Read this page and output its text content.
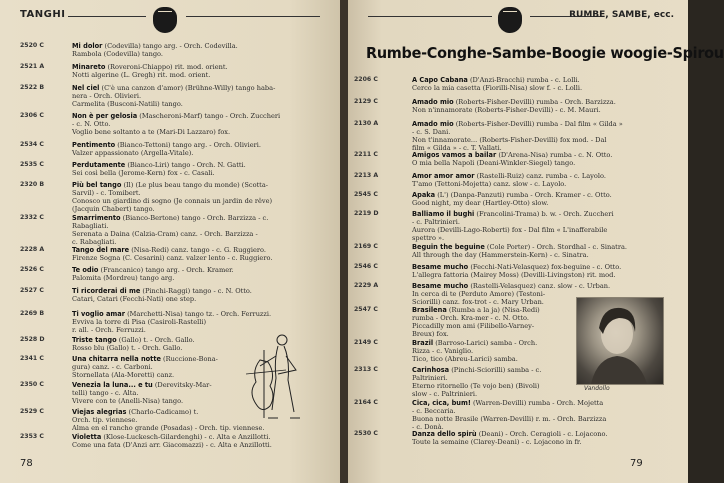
TANGHI
2520 C	Mi dolor (Codevilla) tango arg. - Orch. Codevilla.
Rambola (Codevilla) tango.
2521 A	Minareto (Roveroni-Chiappo) rit. mod. orient.
Notti algerine (L. Gregh) rit. mod. orient.
2522 B	Nel ciel (C'è una canzon d'amor) (Brühne-Willy) tango haba-
nera - Orch. Olivieri.
Carmelita (Busconi-Natili) tango.
2306 C	Non è per gelosia (Mascheroni-Marf) tango - Orch. Zuccheri
- c. N. Otto.
Voglio bene soltanto a te (Mari-Di Lazzaro) fox.
2534 C	Pentimento (Bianco-Tettoni) tango arg. - Orch. Olivieri.
Valzer appassionato (Argella-Vitale).
2535 C	Perdutamente (Bianco-Liri) tango - Orch. N. Gatti.
Sei così bella (Jerome-Kern) fox - c. Casali.
2320 B	Più bel tango (Il) (Le plus beau tango du monde) (Scotta-
Sarvil) - c. Tomibert.
Conosco un giardino di sogno (Je connais un jardin de rêve)
(Jacquin Chabert) tango.
2332 C	Smarrimento (Bianco-Bertone) tango - Orch. Barzizza - c.
Rabagliati.
Serenata a Daina (Calzia-Cram) canz. - Orch. Barzizza -
c. Rabagliati.
2228 A	Tango del mare (Nisa-Redi) canz. tango - c. G. Ruggiero.
Firenze Sogna (C. Cesarini) canz. valzer lento - c. Ruggiero.
2526 C	Te odio (Francanico) tango arg. - Orch. Kramer.
Palomita (Mordreu) tango arg.
2527 C	Ti ricorderai di me (Pinchi-Raggi) tango - c. N. Otto.
Catari, Catari (Fecchi-Nati) one step.
2269 B	Ti voglio amar (Marchetti-Nisa) tango tz. - Orch. Ferruzzi.
Evviva la torre di Pisa (Casiroli-Rastelli)
r. all. - Orch. Ferruzzi.
2528 D	Triste tango (Gallo) t. - Orch. Gallo.
Rosso blu (Gallo) t. - Orch. Gallo.
2341 C	Una chitarra nella notte (Ruccione-Bona-
gura) canz. - c. Carboni.
Stornellata (Ala-Moretti) canz.
2350 C	Venezia la luna... e tu (Derevitsky-Mar-
telli) tango - c. Alta.
Vivere con te (Anelli-Nisa) tango.
2529 C	Viejas alegrias (Charlo-Cadicamo) t.
Orch. tip. viennese.
Alma en el rancho grande (Posadas) - Orch. tip. viennese.
2353 C	Violetta (Klose-Luckesch-Gilardenghi) - c. Alta e Anzillotti.
Come una fata (D'Anzi arr. Giacomazzi) - c. Alta e Anzillotti.
78
RUMBE, SAMBE, ecc.
Rumbe-Conghe-Sambe-Boogie woogie-Spirou
2206 C	A Capo Cabana (D'Anzi-Bracchi) rumba - c. Lolli.
Cerco la mia casetta (Fiorilli-Nisa) slow f. - c. Lolli.
2129 C	Amado mio (Roberts-Fisher-Devilli) rumba - Orch. Barzizza.
Non n'innamorate (Roberts-Fisher-Devilli) - c. M. Mauri.
2130 A	Amado mio (Roberts-Fisher-Devilli) rumba - Dal film « Gilda »
- c. S. Dani.
Non t'innamorate... (Roberts-Fisher-Devilli) fox mod. - Dal
film « Gilda » - c. T. Vallati.
2211 C	Amigos vamos a bailar (D'Arena-Nisa) rumba - c. N. Otto.
O mia bella Napoli (Deani-Winkler-Siegel) tango.
2213 A	Amor amor amor (Rastelli-Ruiz) canz. rumba - c. Layolo.
T'amo (Tettoni-Mojetta) canz. slow - c. Layolo.
2545 C	Apaka (L') (Danpa-Panzuti) rumba - Orch. Kramer - c. Otto.
Good night, my dear (Hartley-Otto) slow.
2219 D	Balliamo il bughi (Francolini-Trama) b. w. - Orch. Zuccheri
- c. Paltrinieri.
Aurora (Devilli-Lago-Roberti) fox - Dal film « L'inafferabile
spettro ».
2169 C	Beguin the beguine (Cole Porter) - Orch. Stordhal - c. Sinatra.
All through the day (Hammerstein-Kern) - c. Sinatra.
2546 C	Besame mucho (Fecchi-Nati-Velasquez) fox-beguine - c. Otto.
L'allegra fattoria (Mairey Moss) (Devilli-Livingston) rit. mod.
2229 A	Besame mucho (Rastelli-Velasquez) canz. slow - c. Urban.
In cerca di te (Perduto Amore) (Testoni-
Sciorilli) canz. fox-trot - c. Mary Urban.
2547 C	Brasilena (Rumba a la ja) (Nisa-Redi)
rumba - Orch. Kra-mer - c. N. Otto.
Piccadilly mon ami (Filibello-Varney-
Breux) fox.
2149 C	Brazil (Barroso-Larici) samba - Orch.
Rizza - c. Vaniglio.
Tico, tico (Abreu-Larici) samba.
2313 C	Carinhosa (Pinchi-Sciorilli) samba - c.
Paltrinieri.
Eterno ritornello (Te vojo ben) (Bivoli)
slow - c. Paltrinieri.
2164 C	Cica, cica, bum! (Warren-Devilli) rumba - Orch. Mojetta
- c. Beccaria.
Buona notte Brasile (Warren-Devilli) r. m. - Orch. Barzizza
- c. Donà.
2530 C	Danza dello spirù (Deani) - Orch. Ceragioli - c. Lojacono.
Toute la semaine (Clarey-Deani) - c. Lojacono in fr.
Vandollo
79
